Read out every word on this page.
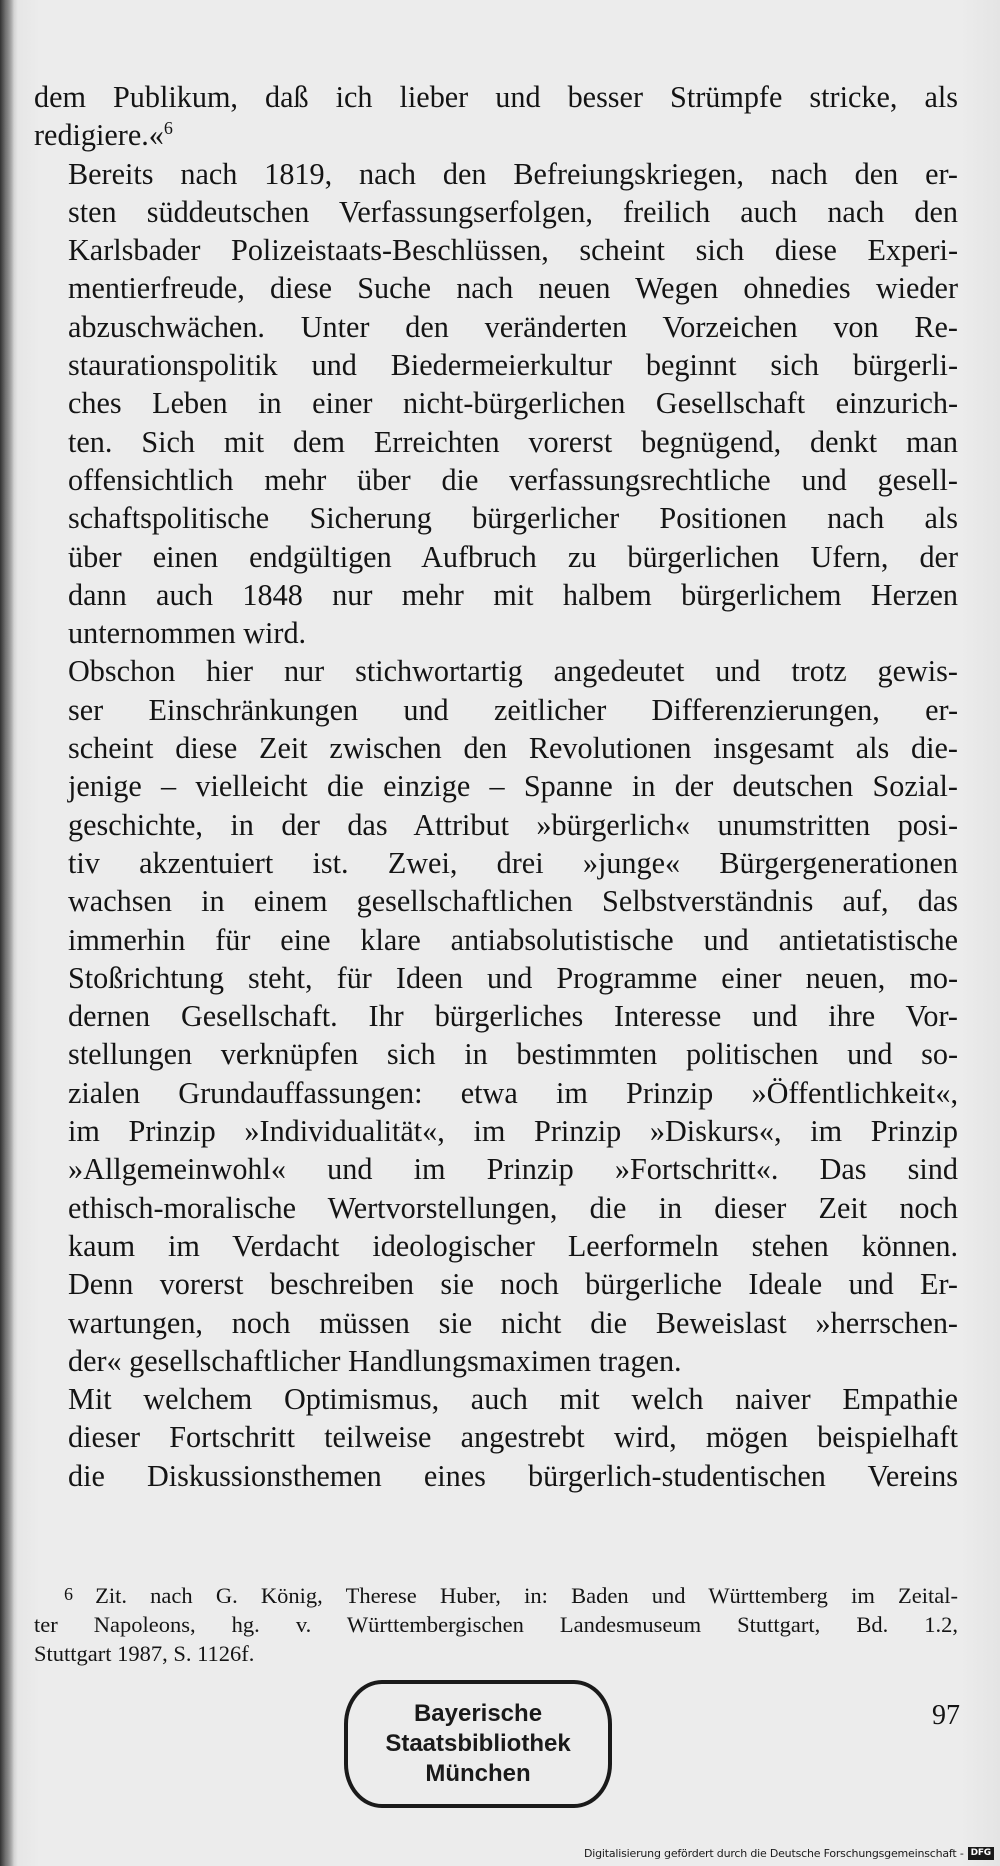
dem Publikum, daß ich lieber und besser Strümpfe stricke, als
redigiere.«$^6$
Bereits nach 1819, nach den Befreiungskriegen, nach den er-
sten süddeutschen Verfassungserfolgen, freilich auch nach den
Karlsbader Polizeistaats-Beschlüssen, scheint sich diese Experi-
mentierfreude, diese Suche nach neuen Wegen ohnedies wieder
abzuschwächen. Unter den veränderten Vorzeichen von Re-
staurationspolitik und Biedermeierkultur beginnt sich bürgerli-
ches Leben in einer nicht-bürgerlichen Gesellschaft einzurich-
ten. Sich mit dem Erreichten vorerst begnügend, denkt man
offensichtlich mehr über die verfassungsrechtliche und gesell-
schaftspolitische Sicherung bürgerlicher Positionen nach als
über einen endgültigen Aufbruch zu bürgerlichen Ufern, der
dann auch 1848 nur mehr mit halbem bürgerlichem Herzen
unternommen wird.
Obschon hier nur stichwortartig angedeutet und trotz gewis-
ser Einschränkungen und zeitlicher Differenzierungen, er-
scheint diese Zeit zwischen den Revolutionen insgesamt als die-
jenige – vielleicht die einzige – Spanne in der deutschen Sozial-
geschichte, in der das Attribut »bürgerlich« unumstritten posi-
tiv akzentuiert ist. Zwei, drei »junge« Bürgergenerationen
wachsen in einem gesellschaftlichen Selbstverständnis auf, das
immerhin für eine klare antiabsolutistische und antietatistische
Stoßrichtung steht, für Ideen und Programme einer neuen, mo-
dernen Gesellschaft. Ihr bürgerliches Interesse und ihre Vor-
stellungen verknüpfen sich in bestimmten politischen und so-
zialen Grundauffassungen: etwa im Prinzip »Öffentlichkeit«,
im Prinzip »Individualität«, im Prinzip »Diskurs«, im Prinzip
»Allgemeinwohl« und im Prinzip »Fortschritt«. Das sind
ethisch-moralische Wertvorstellungen, die in dieser Zeit noch
kaum im Verdacht ideologischer Leerformeln stehen können.
Denn vorerst beschreiben sie noch bürgerliche Ideale und Er-
wartungen, noch müssen sie nicht die Beweislast »herrschen-
der« gesellschaftlicher Handlungsmaximen tragen.
Mit welchem Optimismus, auch mit welch naiver Empathie
dieser Fortschritt teilweise angestrebt wird, mögen beispielhaft
die Diskussionsthemen eines bürgerlich-studentischen Vereins
6 Zit. nach G. König, Therese Huber, in: Baden und Württemberg im Zeital-
ter Napoleons, hg. v. Württembergischen Landesmuseum Stuttgart, Bd. 1.2,
Stuttgart 1987, S. 1126f.
97
Bayerische
Staatsbibliothek
München
Digitalisierung gefördert durch die Deutsche Forschungsgemeinschaft - DFG
